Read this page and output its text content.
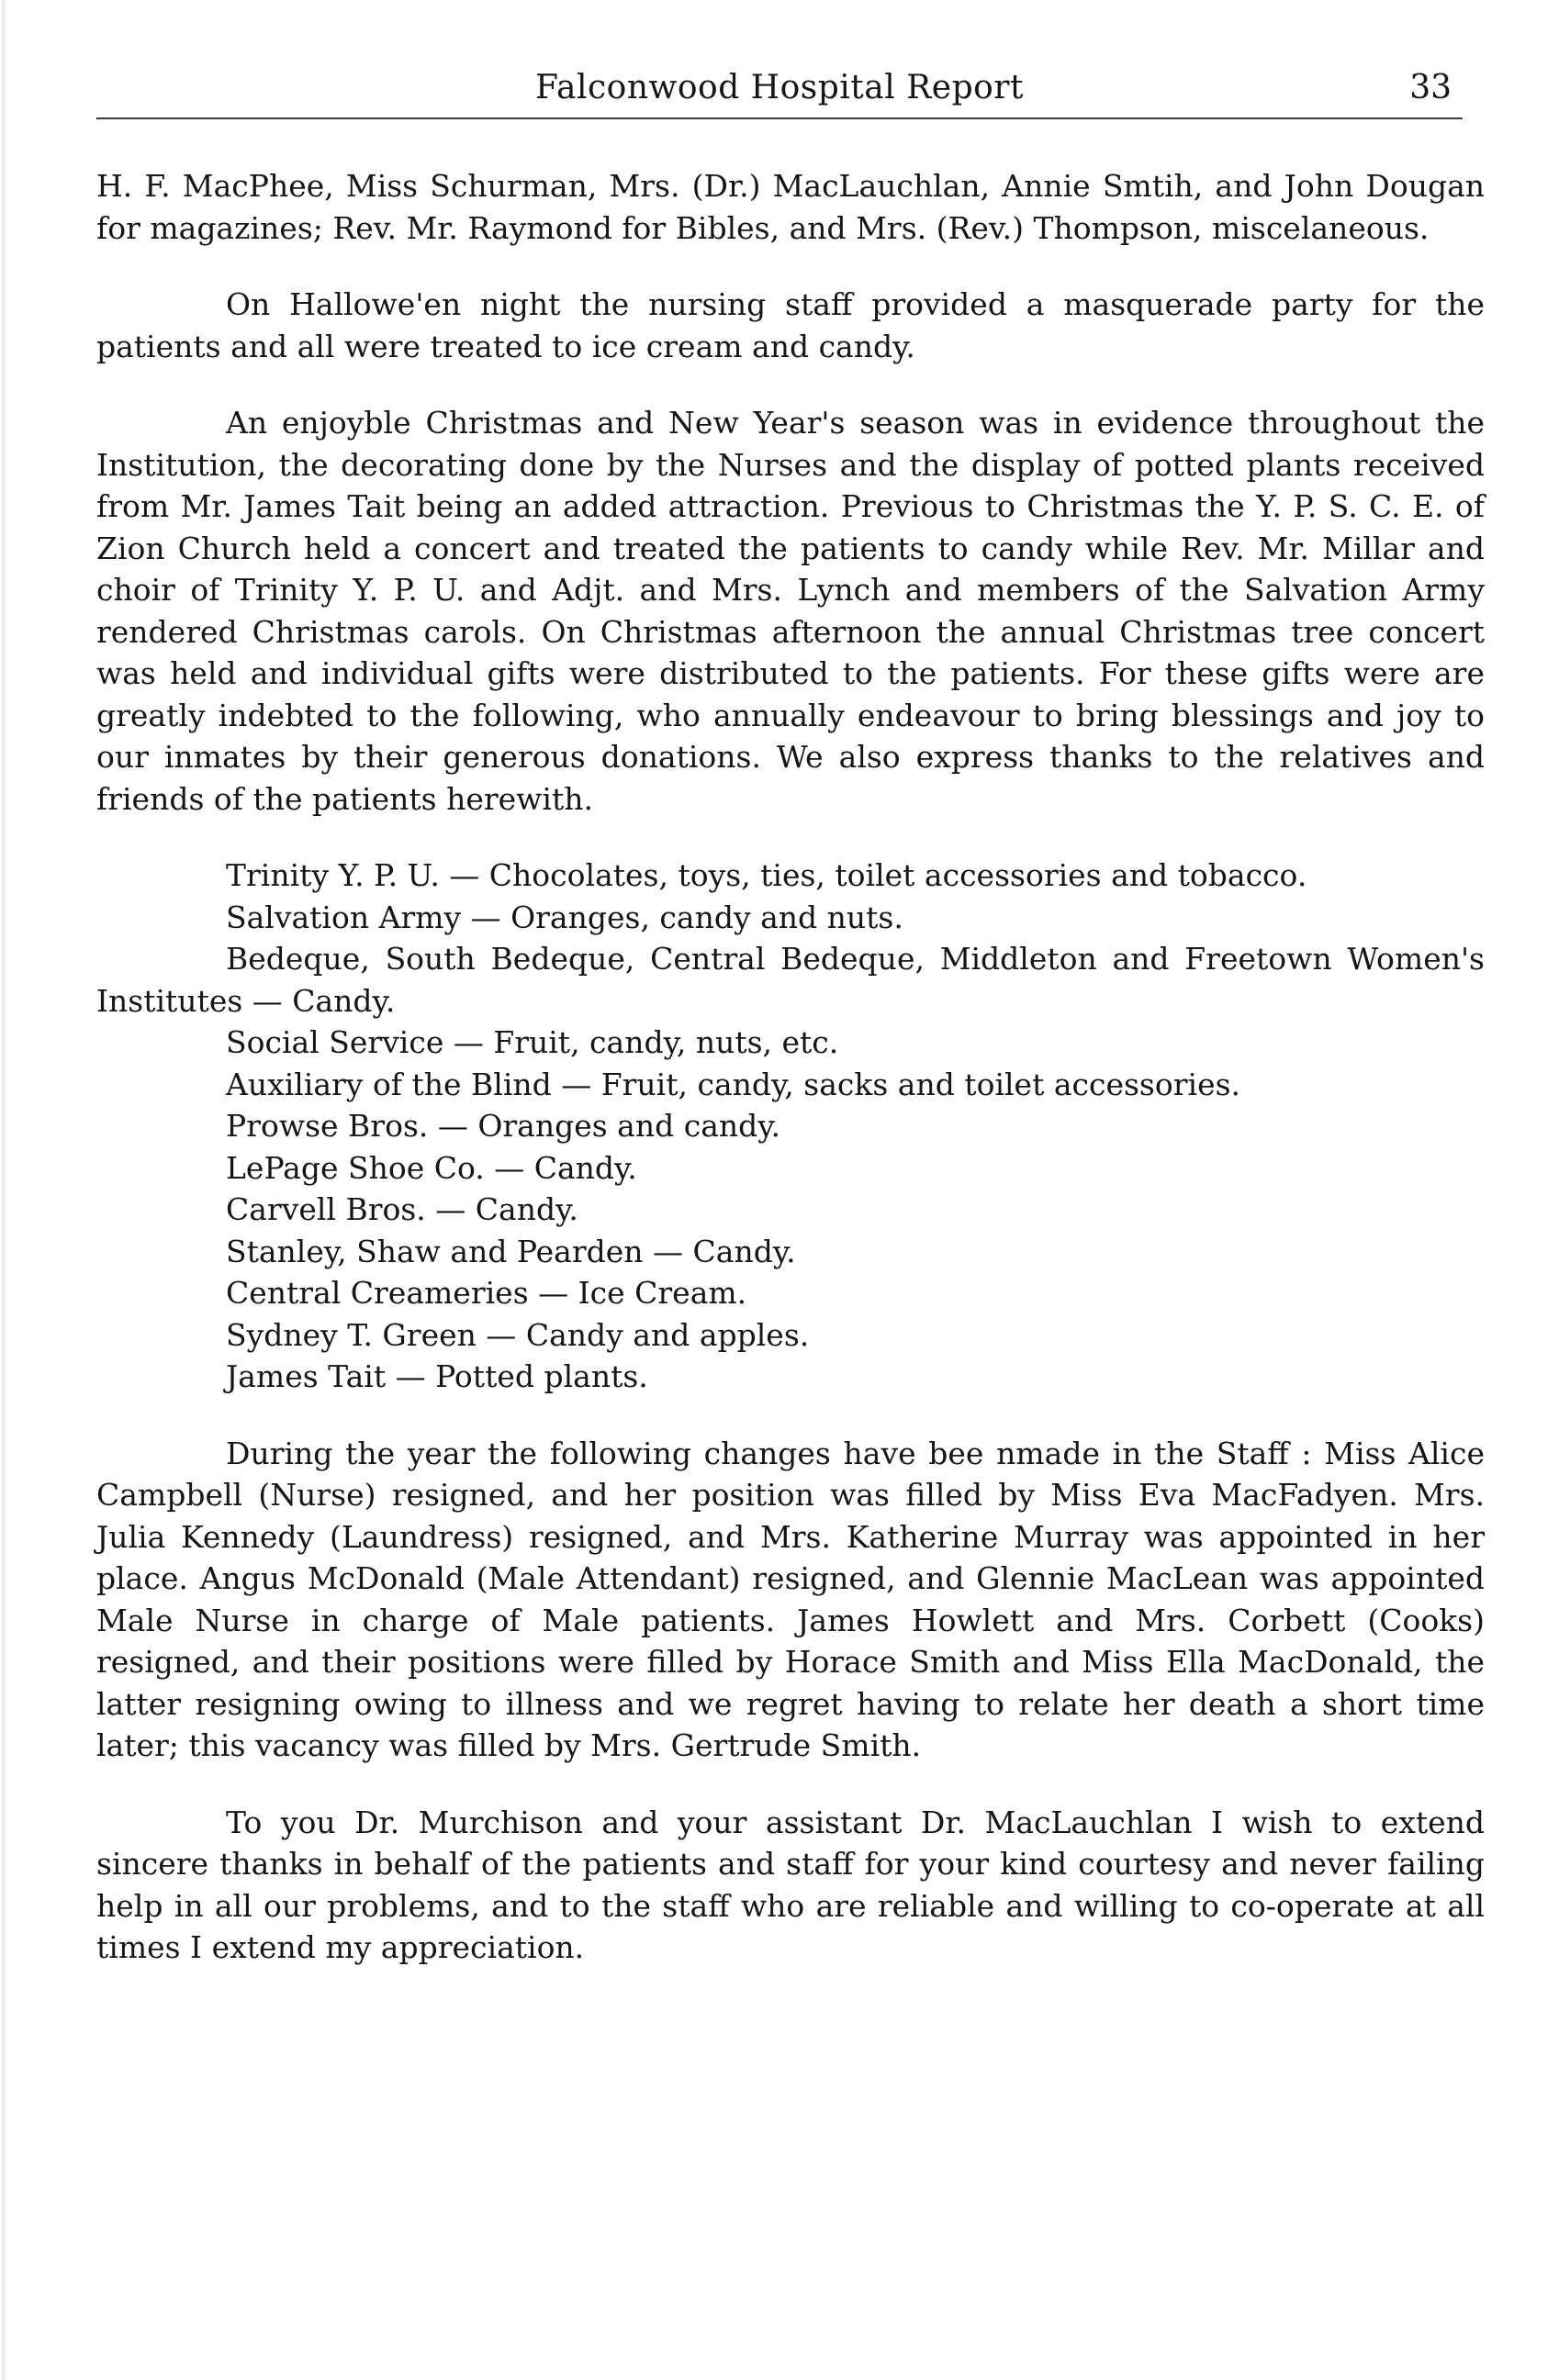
Falconwood Hospital Report	33

H. F. MacPhee, Miss Schurman, Mrs. (Dr.) MacLauchlan, Annie Smtih, and John Dougan for magazines; Rev. Mr. Raymond for Bibles, and Mrs. (Rev.) Thompson, miscelaneous.

On Hallowe'en night the nursing staff provided a masquerade party for the patients and all were treated to ice cream and candy.

An enjoyble Christmas and New Year's season was in evidence throughout the Institution, the decorating done by the Nurses and the display of potted plants received from Mr. James Tait being an added attraction. Previous to Christmas the Y. P. S. C. E. of Zion Church held a concert and treated the patients to candy while Rev. Mr. Millar and choir of Trinity Y. P. U. and Adjt. and Mrs. Lynch and members of the Salvation Army rendered Christmas carols. On Christmas afternoon the annual Christmas tree concert was held and individual gifts were distributed to the patients. For these gifts were are greatly indebted to the following, who annually endeavour to bring blessings and joy to our inmates by their generous donations. We also express thanks to the relatives and friends of the patients herewith.

Trinity Y. P. U. — Chocolates, toys, ties, toilet accessories and tobacco.
Salvation Army — Oranges, candy and nuts.
Bedeque, South Bedeque, Central Bedeque, Middleton and Freetown Women's Institutes — Candy.
Social Service — Fruit, candy, nuts, etc.
Auxiliary of the Blind — Fruit, candy, sacks and toilet accessories.
Prowse Bros. — Oranges and candy.
LePage Shoe Co. — Candy.
Carvell Bros. — Candy.
Stanley, Shaw and Pearden — Candy.
Central Creameries — Ice Cream.
Sydney T. Green — Candy and apples.
James Tait — Potted plants.

During the year the following changes have bee nmade in the Staff : Miss Alice Campbell (Nurse) resigned, and her position was filled by Miss Eva MacFadyen. Mrs. Julia Kennedy (Laundress) resigned, and Mrs. Katherine Murray was appointed in her place. Angus McDonald (Male Attendant) resigned, and Glennie MacLean was appointed Male Nurse in charge of Male patients. James Howlett and Mrs. Corbett (Cooks) resigned, and their positions were filled by Horace Smith and Miss Ella MacDonald, the latter resigning owing to illness and we regret having to relate her death a short time later; this vacancy was filled by Mrs. Gertrude Smith.

To you Dr. Murchison and your assistant Dr. MacLauchlan I wish to extend sincere thanks in behalf of the patients and staff for your kind courtesy and never failing help in all our problems, and to the staff who are reliable and willing to co-operate at all times I extend my appreciation.
